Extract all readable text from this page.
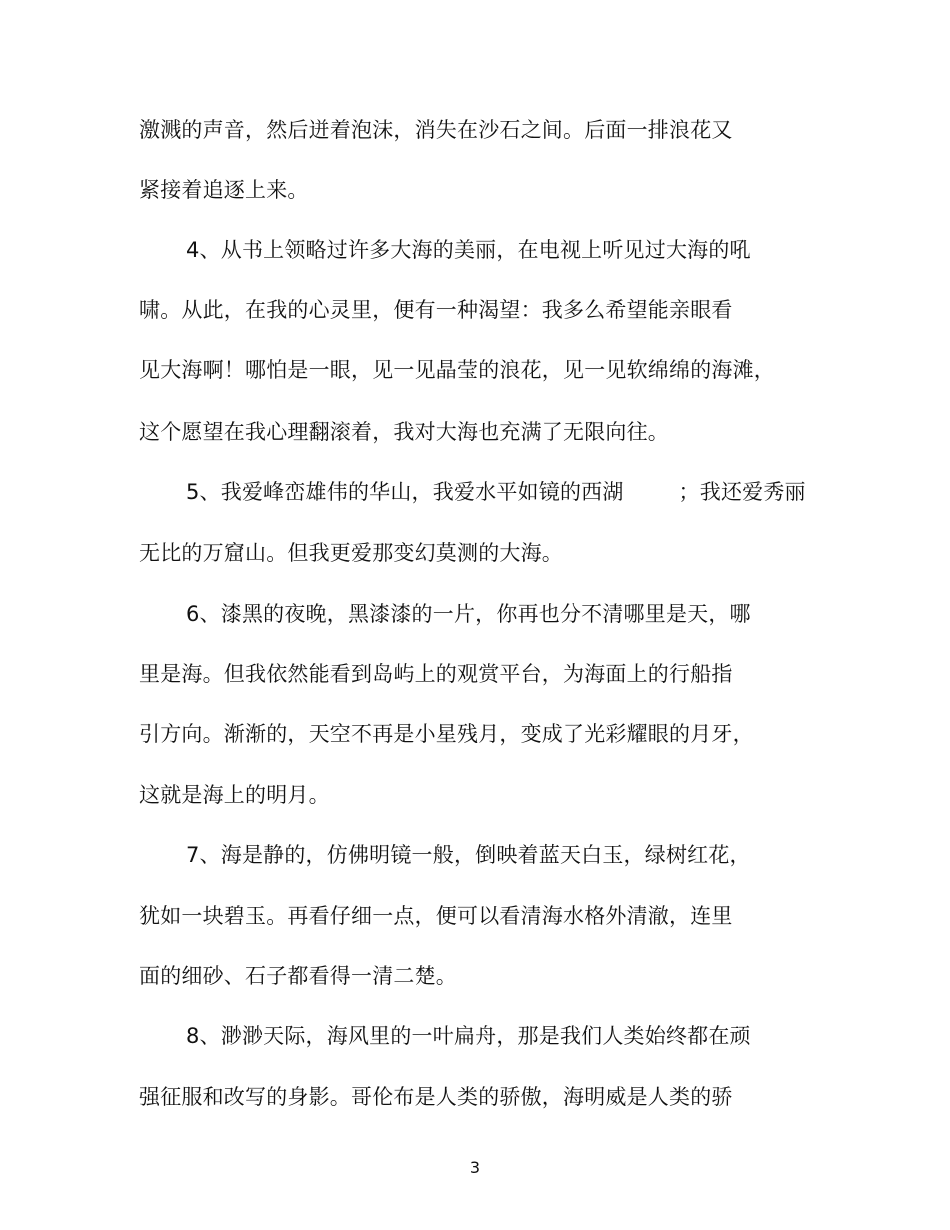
激溅的声音，然后迸着泡沫，消失在沙石之间。后面一排浪花又
紧接着追逐上来。
4、从书上领略过许多大海的美丽，在电视上听见过大海的吼
啸。从此，在我的心灵里，便有一种渴望：我多么希望能亲眼看
见大海啊！哪怕是一眼，见一见晶莹的浪花，见一见软绵绵的海滩，
这个愿望在我心理翻滚着，我对大海也充满了无限向往。
5、我爱峰峦雄伟的华山，我爱水平如镜的西湖        ；我还爱秀丽
无比的万窟山。但我更爱那变幻莫测的大海。
6、漆黑的夜晚，黑漆漆的一片，你再也分不清哪里是天，哪
里是海。但我依然能看到岛屿上的观赏平台，为海面上的行船指
引方向。渐渐的，天空不再是小星残月，变成了光彩耀眼的月牙，
这就是海上的明月。
7、海是静的，仿佛明镜一般，倒映着蓝天白玉，绿树红花，
犹如一块碧玉。再看仔细一点，便可以看清海水格外清澈，连里
面的细砂、石子都看得一清二楚。
8、渺渺天际，海风里的一叶扁舟，那是我们人类始终都在顽
强征服和改写的身影。哥伦布是人类的骄傲，海明威是人类的骄
3
